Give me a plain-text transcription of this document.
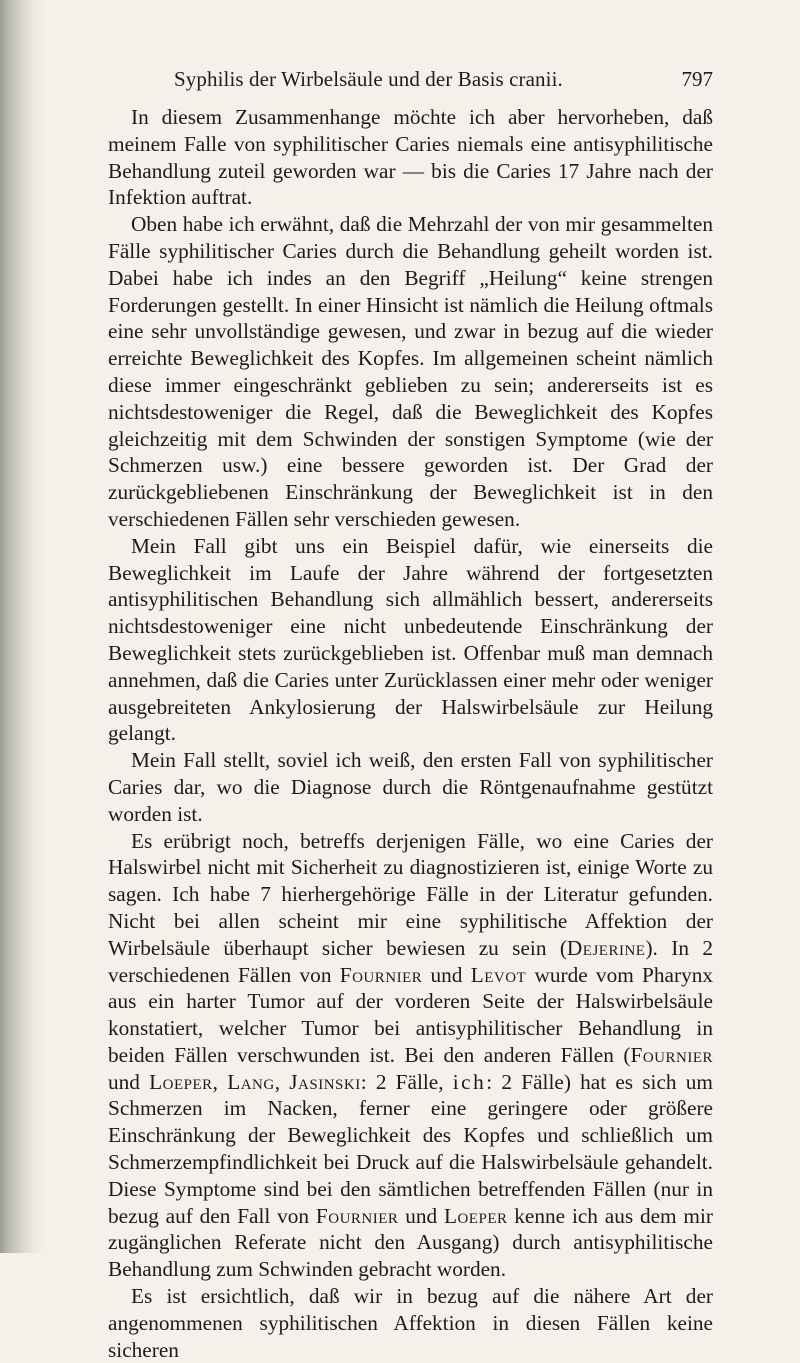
Syphilis der Wirbelsäule und der Basis cranii.	797

In diesem Zusammenhange möchte ich aber hervorheben, daß meinem Falle von syphilitischer Caries niemals eine antisyphilitische Behandlung zuteil geworden war — bis die Caries 17 Jahre nach der Infektion auftrat.

Oben habe ich erwähnt, daß die Mehrzahl der von mir gesammelten Fälle syphilitischer Caries durch die Behandlung geheilt worden ist. Dabei habe ich indes an den Begriff „Heilung“ keine strengen Forderungen gestellt. In einer Hinsicht ist nämlich die Heilung oftmals eine sehr unvollständige gewesen, und zwar in bezug auf die wieder erreichte Beweglichkeit des Kopfes. Im allgemeinen scheint nämlich diese immer eingeschränkt geblieben zu sein; andererseits ist es nichtsdestoweniger die Regel, daß die Beweglichkeit des Kopfes gleichzeitig mit dem Schwinden der sonstigen Symptome (wie der Schmerzen usw.) eine bessere geworden ist. Der Grad der zurückgebliebenen Einschränkung der Beweglichkeit ist in den verschiedenen Fällen sehr verschieden gewesen.

Mein Fall gibt uns ein Beispiel dafür, wie einerseits die Beweglichkeit im Laufe der Jahre während der fortgesetzten antisyphilitischen Behandlung sich allmählich bessert, andererseits nichtsdestoweniger eine nicht unbedeutende Einschränkung der Beweglichkeit stets zurückgeblieben ist. Offenbar muß man demnach annehmen, daß die Caries unter Zurücklassen einer mehr oder weniger ausgebreiteten Ankylosierung der Halswirbelsäule zur Heilung gelangt.

Mein Fall stellt, soviel ich weiß, den ersten Fall von syphilitischer Caries dar, wo die Diagnose durch die Röntgenaufnahme gestützt worden ist.

Es erübrigt noch, betreffs derjenigen Fälle, wo eine Caries der Halswirbel nicht mit Sicherheit zu diagnostizieren ist, einige Worte zu sagen. Ich habe 7 hierhergehörige Fälle in der Literatur gefunden. Nicht bei allen scheint mir eine syphilitische Affektion der Wirbelsäule überhaupt sicher bewiesen zu sein (Dejerine). In 2 verschiedenen Fällen von Fournier und Levot wurde vom Pharynx aus ein harter Tumor auf der vorderen Seite der Halswirbelsäule konstatiert, welcher Tumor bei antisyphilitischer Behandlung in beiden Fällen verschwunden ist. Bei den anderen Fällen (Fournier und Loeper, Lang, Jasinski: 2 Fälle, ich: 2 Fälle) hat es sich um Schmerzen im Nacken, ferner eine geringere oder größere Einschränkung der Beweglichkeit des Kopfes und schließlich um Schmerzempfindlichkeit bei Druck auf die Halswirbelsäule gehandelt. Diese Symptome sind bei den sämtlichen betreffenden Fällen (nur in bezug auf den Fall von Fournier und Loeper kenne ich aus dem mir zugänglichen Referate nicht den Ausgang) durch antisyphilitische Behandlung zum Schwinden gebracht worden.

Es ist ersichtlich, daß wir in bezug auf die nähere Art der angenommenen syphilitischen Affektion in diesen Fällen keine sicheren
